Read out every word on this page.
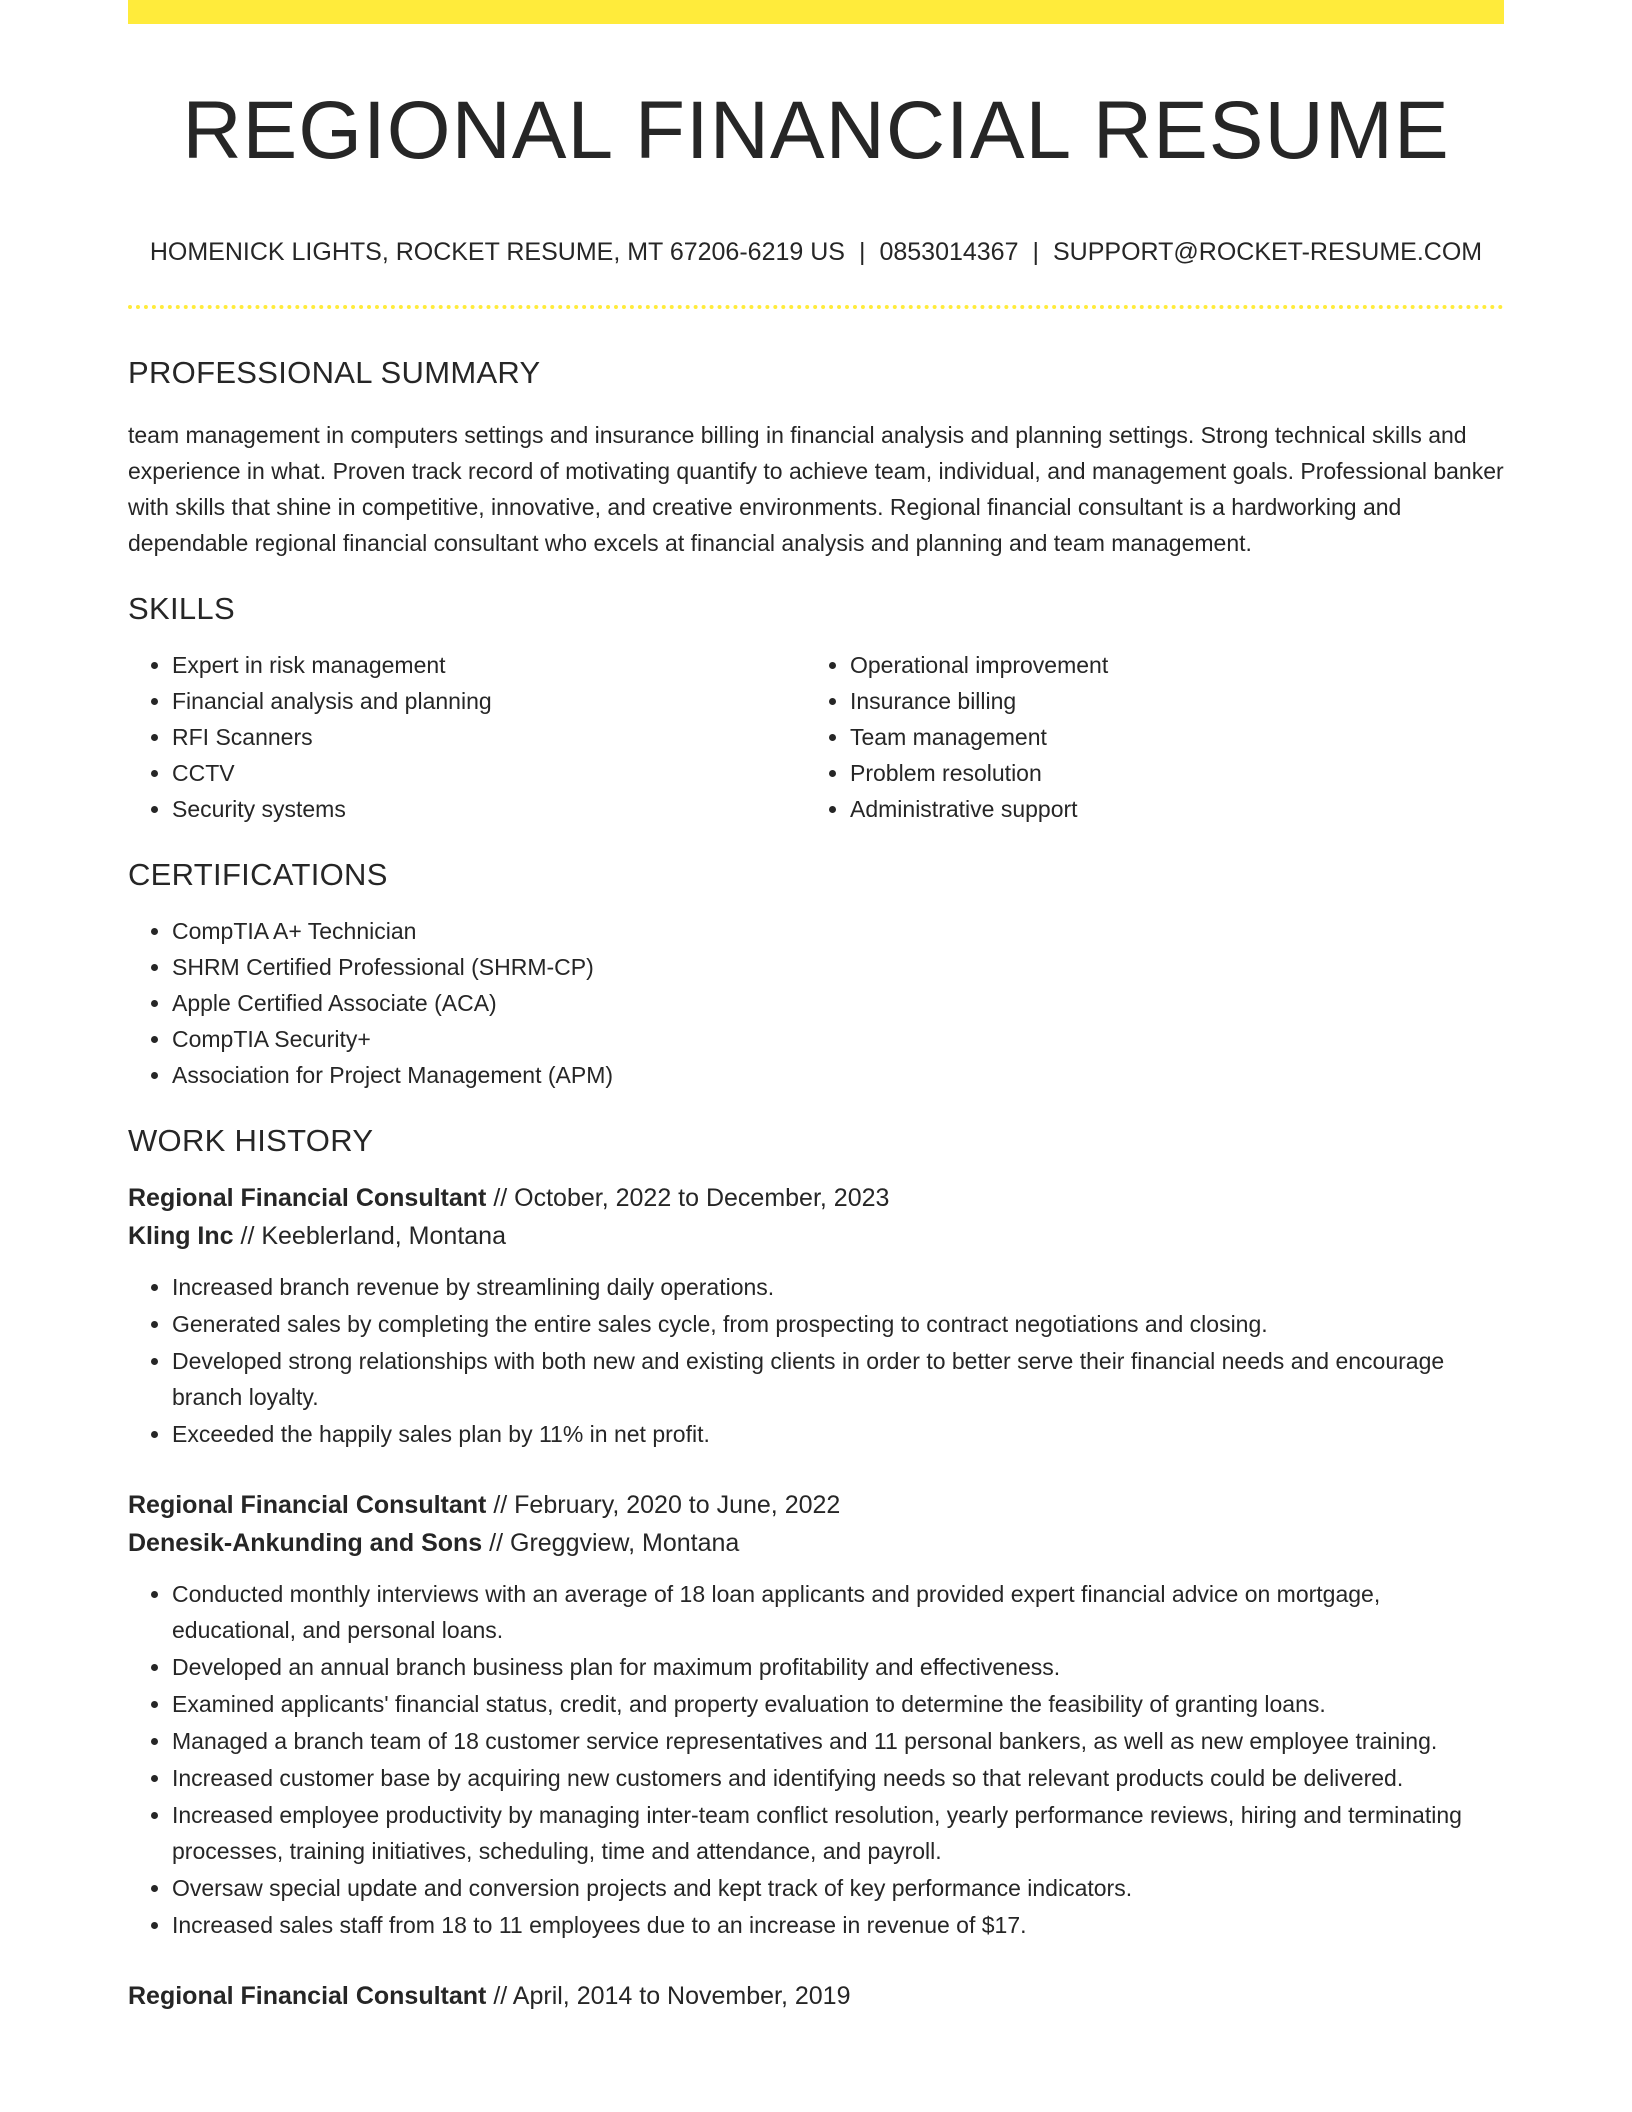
REGIONAL FINANCIAL RESUME
HOMENICK LIGHTS, ROCKET RESUME, MT 67206-6219 US | 0853014367 | SUPPORT@ROCKET-RESUME.COM
PROFESSIONAL SUMMARY

team management in computers settings and insurance billing in financial analysis and planning settings. Strong technical skills and experience in what. Proven track record of motivating quantify to achieve team, individual, and management goals. Professional banker with skills that shine in competitive, innovative, and creative environments. Regional financial consultant is a hardworking and dependable regional financial consultant who excels at financial analysis and planning and team management.

SKILLS
• Expert in risk management
• Financial analysis and planning
• RFI Scanners
• CCTV
• Security systems
• Operational improvement
• Insurance billing
• Team management
• Problem resolution
• Administrative support
CERTIFICATIONS
• CompTIA A+ Technician
• SHRM Certified Professional (SHRM-CP)
• Apple Certified Associate (ACA)
• CompTIA Security+
• Association for Project Management (APM)
WORK HISTORY
Regional Financial Consultant // October, 2022 to December, 2023
Kling Inc // Keeblerland, Montana
• Increased branch revenue by streamlining daily operations.
• Generated sales by completing the entire sales cycle, from prospecting to contract negotiations and closing.
• Developed strong relationships with both new and existing clients in order to better serve their financial needs and encourage branch loyalty.
• Exceeded the happily sales plan by 11% in net profit.
Regional Financial Consultant // February, 2020 to June, 2022
Denesik-Ankunding and Sons // Greggview, Montana
• Conducted monthly interviews with an average of 18 loan applicants and provided expert financial advice on mortgage, educational, and personal loans.
• Developed an annual branch business plan for maximum profitability and effectiveness.
• Examined applicants' financial status, credit, and property evaluation to determine the feasibility of granting loans.
• Managed a branch team of 18 customer service representatives and 11 personal bankers, as well as new employee training.
• Increased customer base by acquiring new customers and identifying needs so that relevant products could be delivered.
• Increased employee productivity by managing inter-team conflict resolution, yearly performance reviews, hiring and terminating processes, training initiatives, scheduling, time and attendance, and payroll.
• Oversaw special update and conversion projects and kept track of key performance indicators.
• Increased sales staff from 18 to 11 employees due to an increase in revenue of $17.
Regional Financial Consultant // April, 2014 to November, 2019
